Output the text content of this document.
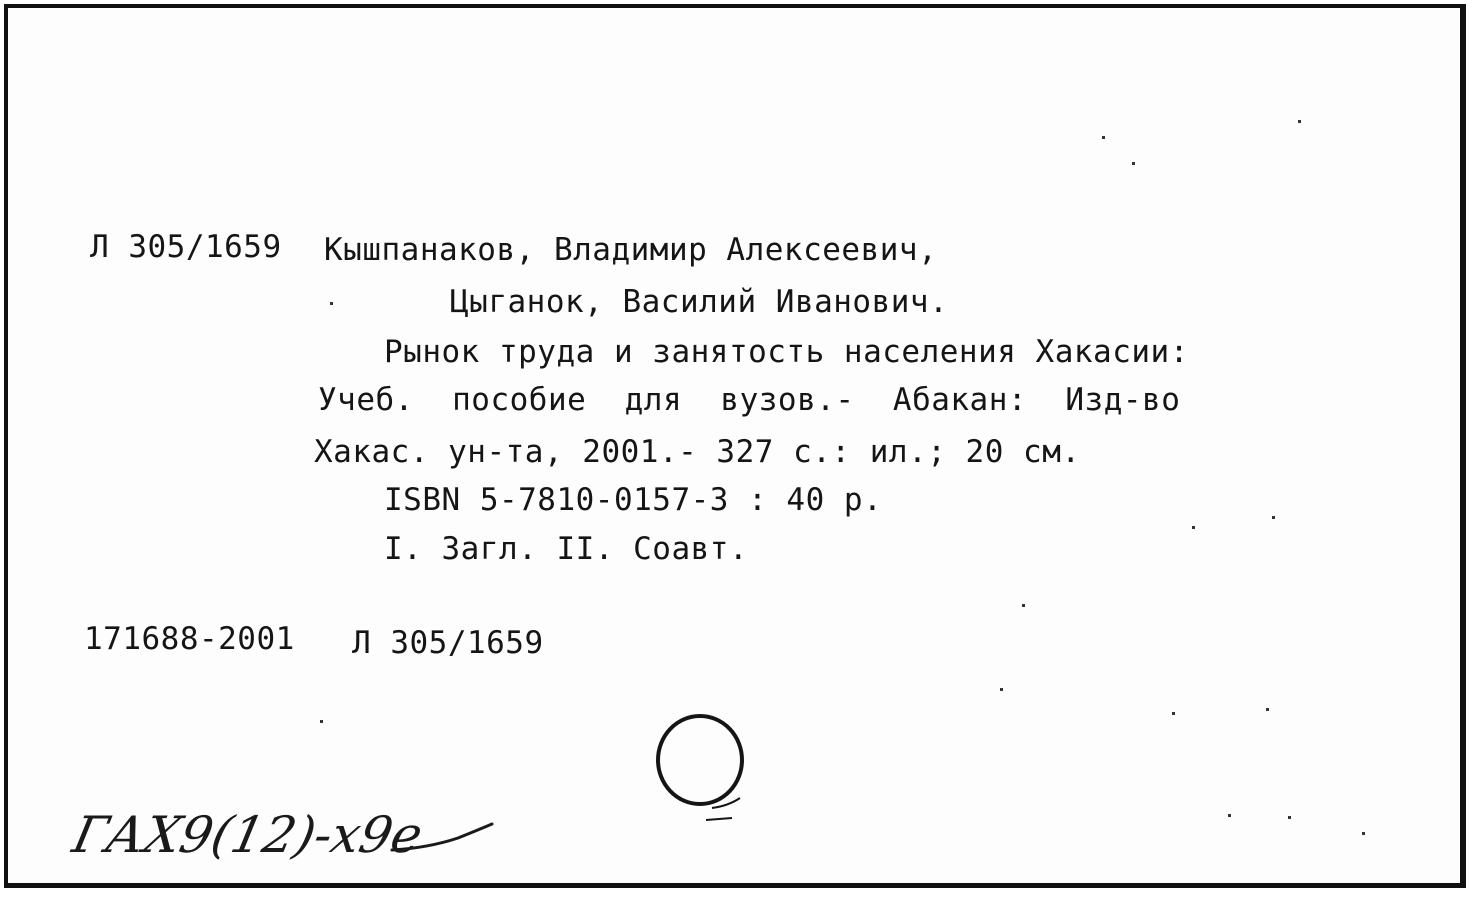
Л 305/1659 Кышпанаков, Владимир Алексеевич,
Цыганок, Василий Иванович.
Рынок труда и занятость населения Хакасии:
Учеб.  пособие  для  вузов.-  Абакан:  Изд-во
Хакас. ун-та, 2001.- 327 с.: ил.; 20 см.
ISBN 5-7810-0157-3 : 40 р.
I. Загл. II. Соавт.
171688-2001 Л 305/1659
ГАХ9(12)-х9е
